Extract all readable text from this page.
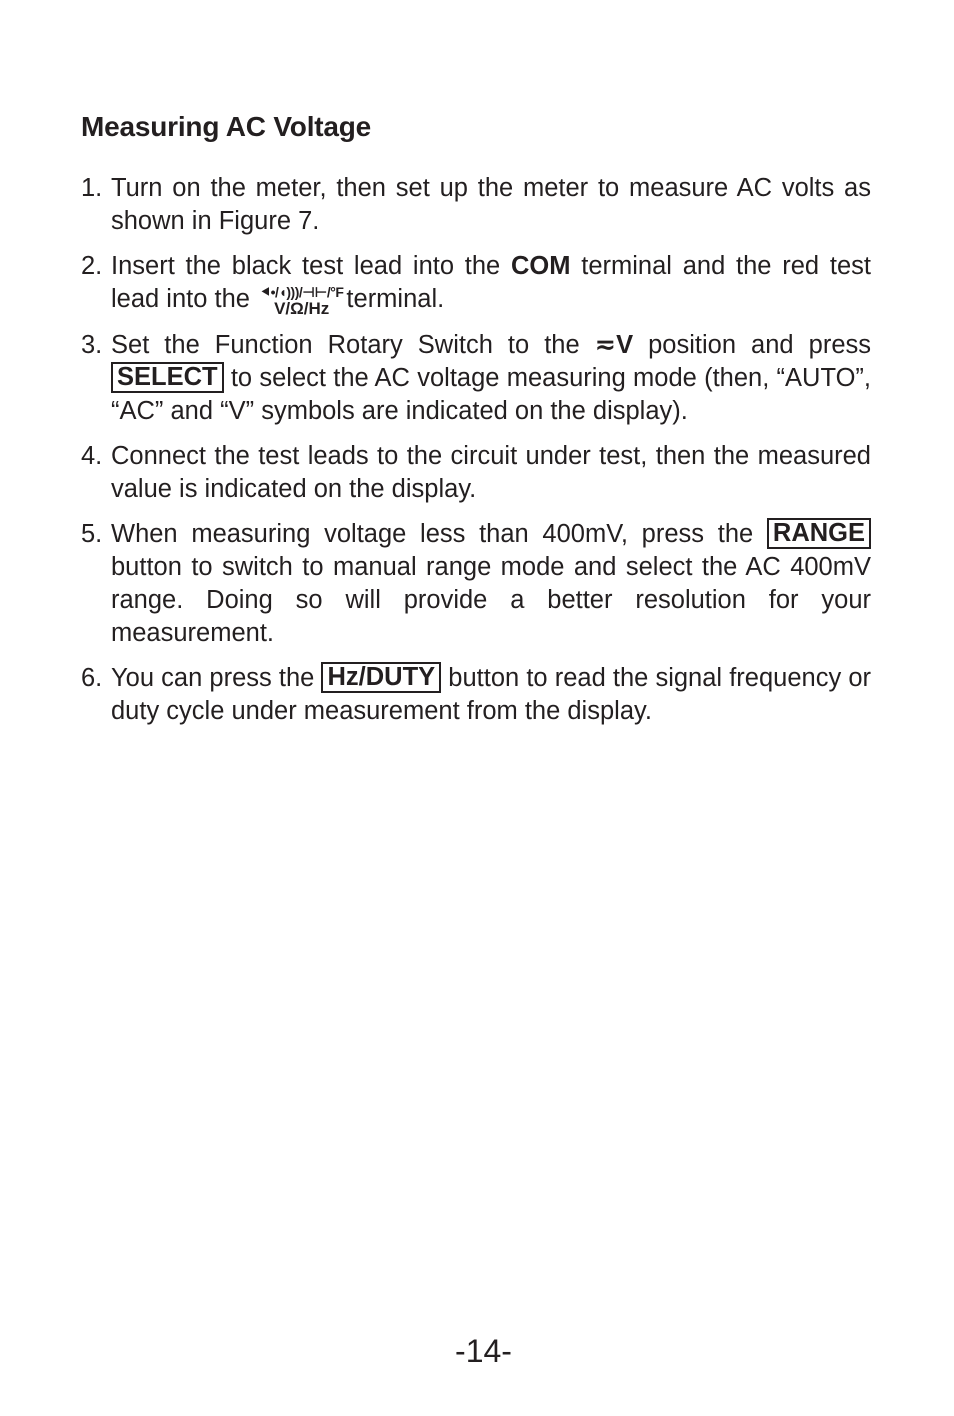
Measuring AC Voltage
1. Turn on the meter, then set up the meter to measure AC volts as shown in Figure 7.
2. Insert the black test lead into the COM terminal and the red test lead into the ⯇•/◖)))/⊣⊢/°F
V/Ω/Hz terminal.
3. Set the Function Rotary Switch to the ≂V position and press SELECT to select the AC voltage measuring mode (then, “AUTO”, “AC” and “V” symbols are indicated on the display).
4. Connect the test leads to the circuit under test, then the measured value is indicated on the display.
5. When measuring voltage less than 400mV, press the RANGE button to switch to manual range mode and select the AC 400mV range. Doing so will provide a better resolution for your measurement.
6. You can press the Hz/DUTY button to read the signal frequency or duty cycle under measurement from the display.
-14-
